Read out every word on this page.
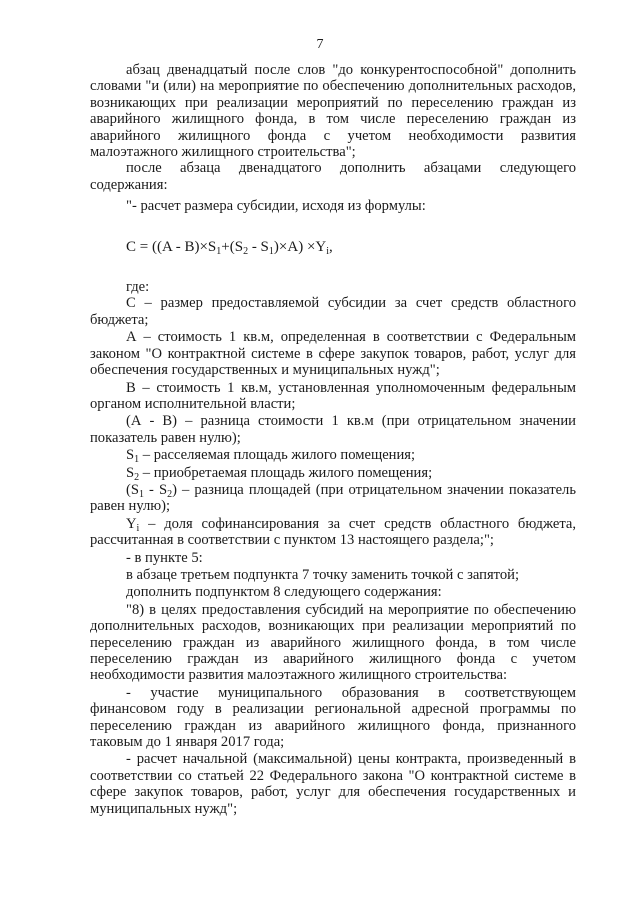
7

абзац двенадцатый после слов "до конкурентоспособной" дополнить словами "и (или) на мероприятие по обеспечению дополнительных расходов, возникающих при реализации мероприятий по переселению граждан из аварийного жилищного фонда, в том числе переселению граждан из аварийного жилищного фонда с учетом необходимости развития малоэтажного жилищного строительства";

после абзаца двенадцатого дополнить абзацами следующего содержания:

"- расчет размера субсидии, исходя из формулы:

$C = ((A - B)\times S_1+(S_2 - S_1)\times A) \times Y_i$,

где:

С – размер предоставляемой субсидии за счет средств областного бюджета;

А – стоимость 1 кв.м, определенная в соответствии с Федеральным законом "О контрактной системе в сфере закупок товаров, работ, услуг для обеспечения государственных и муниципальных нужд";

В – стоимость 1 кв.м, установленная уполномоченным федеральным органом исполнительной власти;

(А - В) – разница стоимости 1 кв.м (при отрицательном значении показатель равен нулю);

$S_1$ – расселяемая площадь жилого помещения;

$S_2$ – приобретаемая площадь жилого помещения;

$(S_1 - S_2)$ – разница площадей (при отрицательном значении показатель равен нулю);

$Y_i$ – доля софинансирования за счет средств областного бюджета, рассчитанная в соответствии с пунктом 13 настоящего раздела;";

- в пункте 5:

в абзаце третьем подпункта 7 точку заменить точкой с запятой;

дополнить подпунктом 8 следующего содержания:

"8) в целях предоставления субсидий на мероприятие по обеспечению дополнительных расходов, возникающих при реализации мероприятий по переселению граждан из аварийного жилищного фонда, в том числе переселению граждан из аварийного жилищного фонда с учетом необходимости развития малоэтажного жилищного строительства:

- участие муниципального образования в соответствующем финансовом году в реализации региональной адресной программы по переселению граждан из аварийного жилищного фонда, признанного таковым до 1 января 2017 года;

- расчет начальной (максимальной) цены контракта, произведенный в соответствии со статьей 22 Федерального закона "О контрактной системе в сфере закупок товаров, работ, услуг для обеспечения государственных и муниципальных нужд";
